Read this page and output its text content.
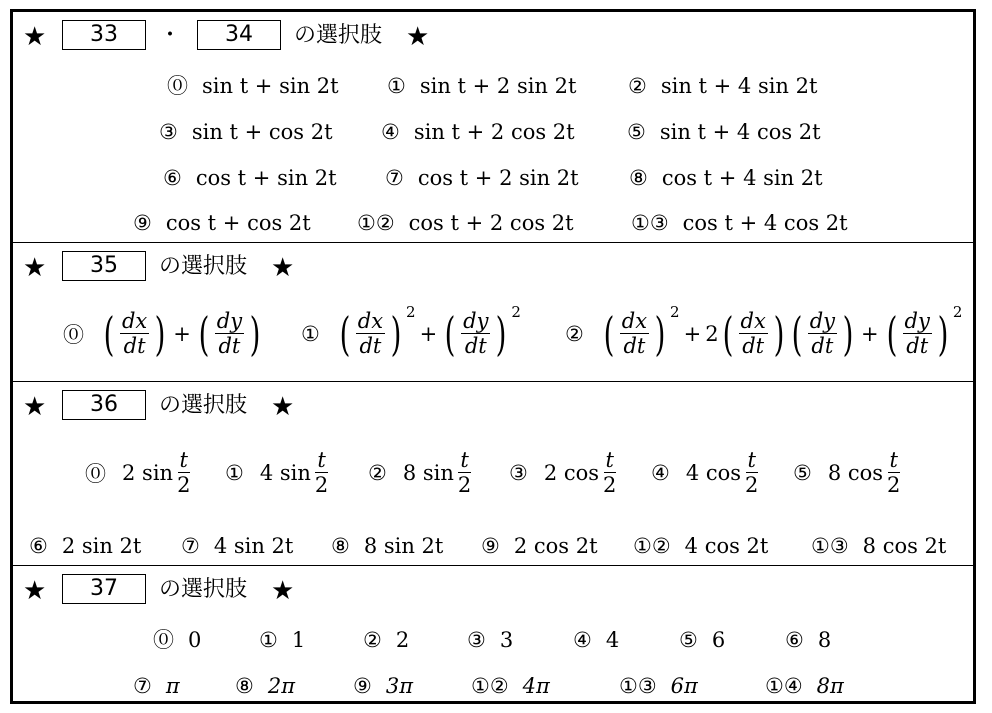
★	33	・	34	の選択肢 ★
⓪ sin t + sin 2t ① sin t + 2 sin 2t ② sin t + 4 sin 2t
③ sin t + cos 2t ④ sin t + 2 cos 2t ⑤ sin t + 4 cos 2t
⑥ cos t + sin 2t ⑦ cos t + 2 sin 2t ⑧ cos t + 4 sin 2t
⑨ cos t + cos 2t ①② cos t + 2 cos 2t	①③ cos t + 4 cos 2t
★	35	の選択肢 ★
⓪ ( $\frac{dx}{dt}$ ) + ( $\frac{dy}{dt}$ ) ① ( $\frac{dx}{dt}$ ) 2
+ ( $\frac{dy}{dt}$ ) 2
② ( $\frac{dx}{dt}$ ) 2
+ 2 ( $\frac{dx}{dt}$ ) ( $\frac{dy}{dt}$ ) + ( $\frac{dy}{dt}$ ) 2
★	36	の選択肢 ★
⓪ 2 $\sin \frac{t}{2}$ ① 4 $\sin \frac{t}{2}$ ② 8 $\sin \frac{t}{2}$ ③ 2 $\cos \frac{t}{2}$ ④ 4 $\cos \frac{t}{2}$ ⑤ 8 $\cos \frac{t}{2}$
⑥ 2 sin 2t ⑦ 4 sin 2t ⑧ 8 sin 2t ⑨ 2 cos 2t ①② 4 cos 2t ①③ 8 cos 2t
★	37	の選択肢 ★
⓪ 0	① 1	② 2	③ 3	④ 4	⑤ 6	⑥ 8
⑦ π	⑧ 2π	⑨ 3π	①② 4π	①③ 6π	①④ 8π
